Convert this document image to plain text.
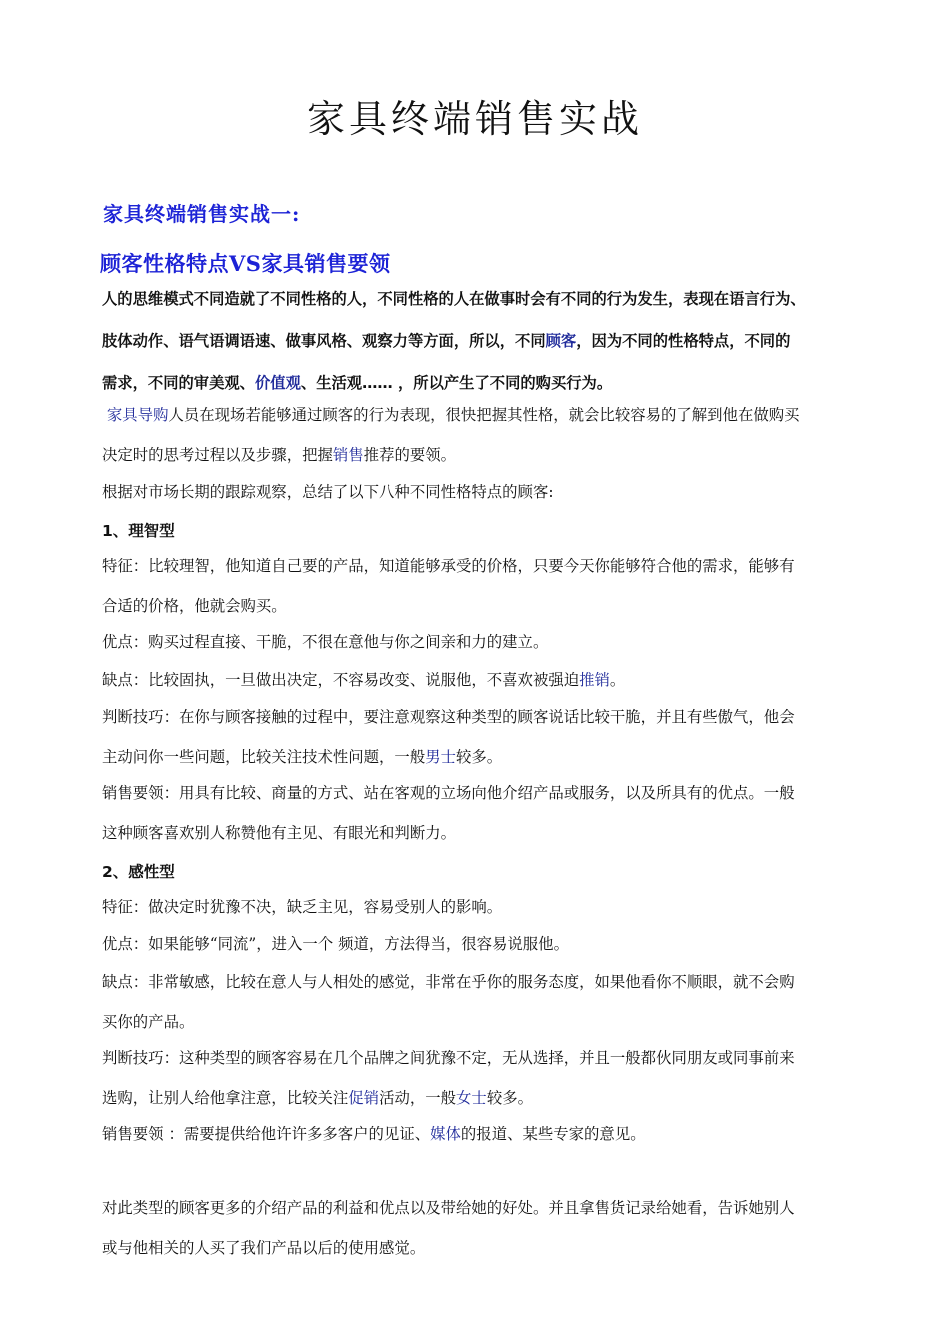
家具终端销售实战
家具终端销售实战一:
顾客性格特点VS家具销售要领

人的思维模式不同造就了不同性格的人，不同性格的人在做事时会有不同的行为发生，表现在语言行为、
肢体动作、语气语调语速、做事风格、观察力等方面，所以，不同顾客，因为不同的性格特点，不同的
需求，不同的审美观、价值观、生活观…… ，所以产生了不同的购买行为。

家具导购人员在现场若能够通过顾客的行为表现，很快把握其性格，就会比较容易的了解到他在做购买
决定时的思考过程以及步骤，把握销售推荐的要领。

根据对市场长期的跟踪观察，总结了以下八种不同性格特点的顾客:

1、理智型

特征：比较理智，他知道自己要的产品，知道能够承受的价格，只要今天你能够符合他的需求，能够有
合适的价格，他就会购买。

优点：购买过程直接、干脆，不很在意他与你之间亲和力的建立。

缺点：比较固执，一旦做出决定，不容易改变、说服他，不喜欢被强迫推销。

判断技巧：在你与顾客接触的过程中，要注意观察这种类型的顾客说话比较干脆，并且有些傲气，他会
主动问你一些问题，比较关注技术性问题，一般男士较多。

销售要领：用具有比较、商量的方式、站在客观的立场向他介绍产品或服务，以及所具有的优点。一般
这种顾客喜欢别人称赞他有主见、有眼光和判断力。

2、感性型

特征：做决定时犹豫不决，缺乏主见，容易受别人的影响。

优点：如果能够“同流”，进入一个 频道，方法得当，很容易说服他。

缺点：非常敏感，比较在意人与人相处的感觉，非常在乎你的服务态度，如果他看你不顺眼，就不会购
买你的产品。

判断技巧：这种类型的顾客容易在几个品牌之间犹豫不定，无从选择，并且一般都伙同朋友或同事前来
选购，让别人给他拿注意，比较关注促销活动，一般女士较多。

销售要领 ：需要提供给他许许多多客户的见证、媒体的报道、某些专家的意见。

对此类型的顾客更多的介绍产品的利益和优点以及带给她的好处。并且拿售货记录给她看，告诉她别人
或与他相关的人买了我们产品以后的使用感觉。
